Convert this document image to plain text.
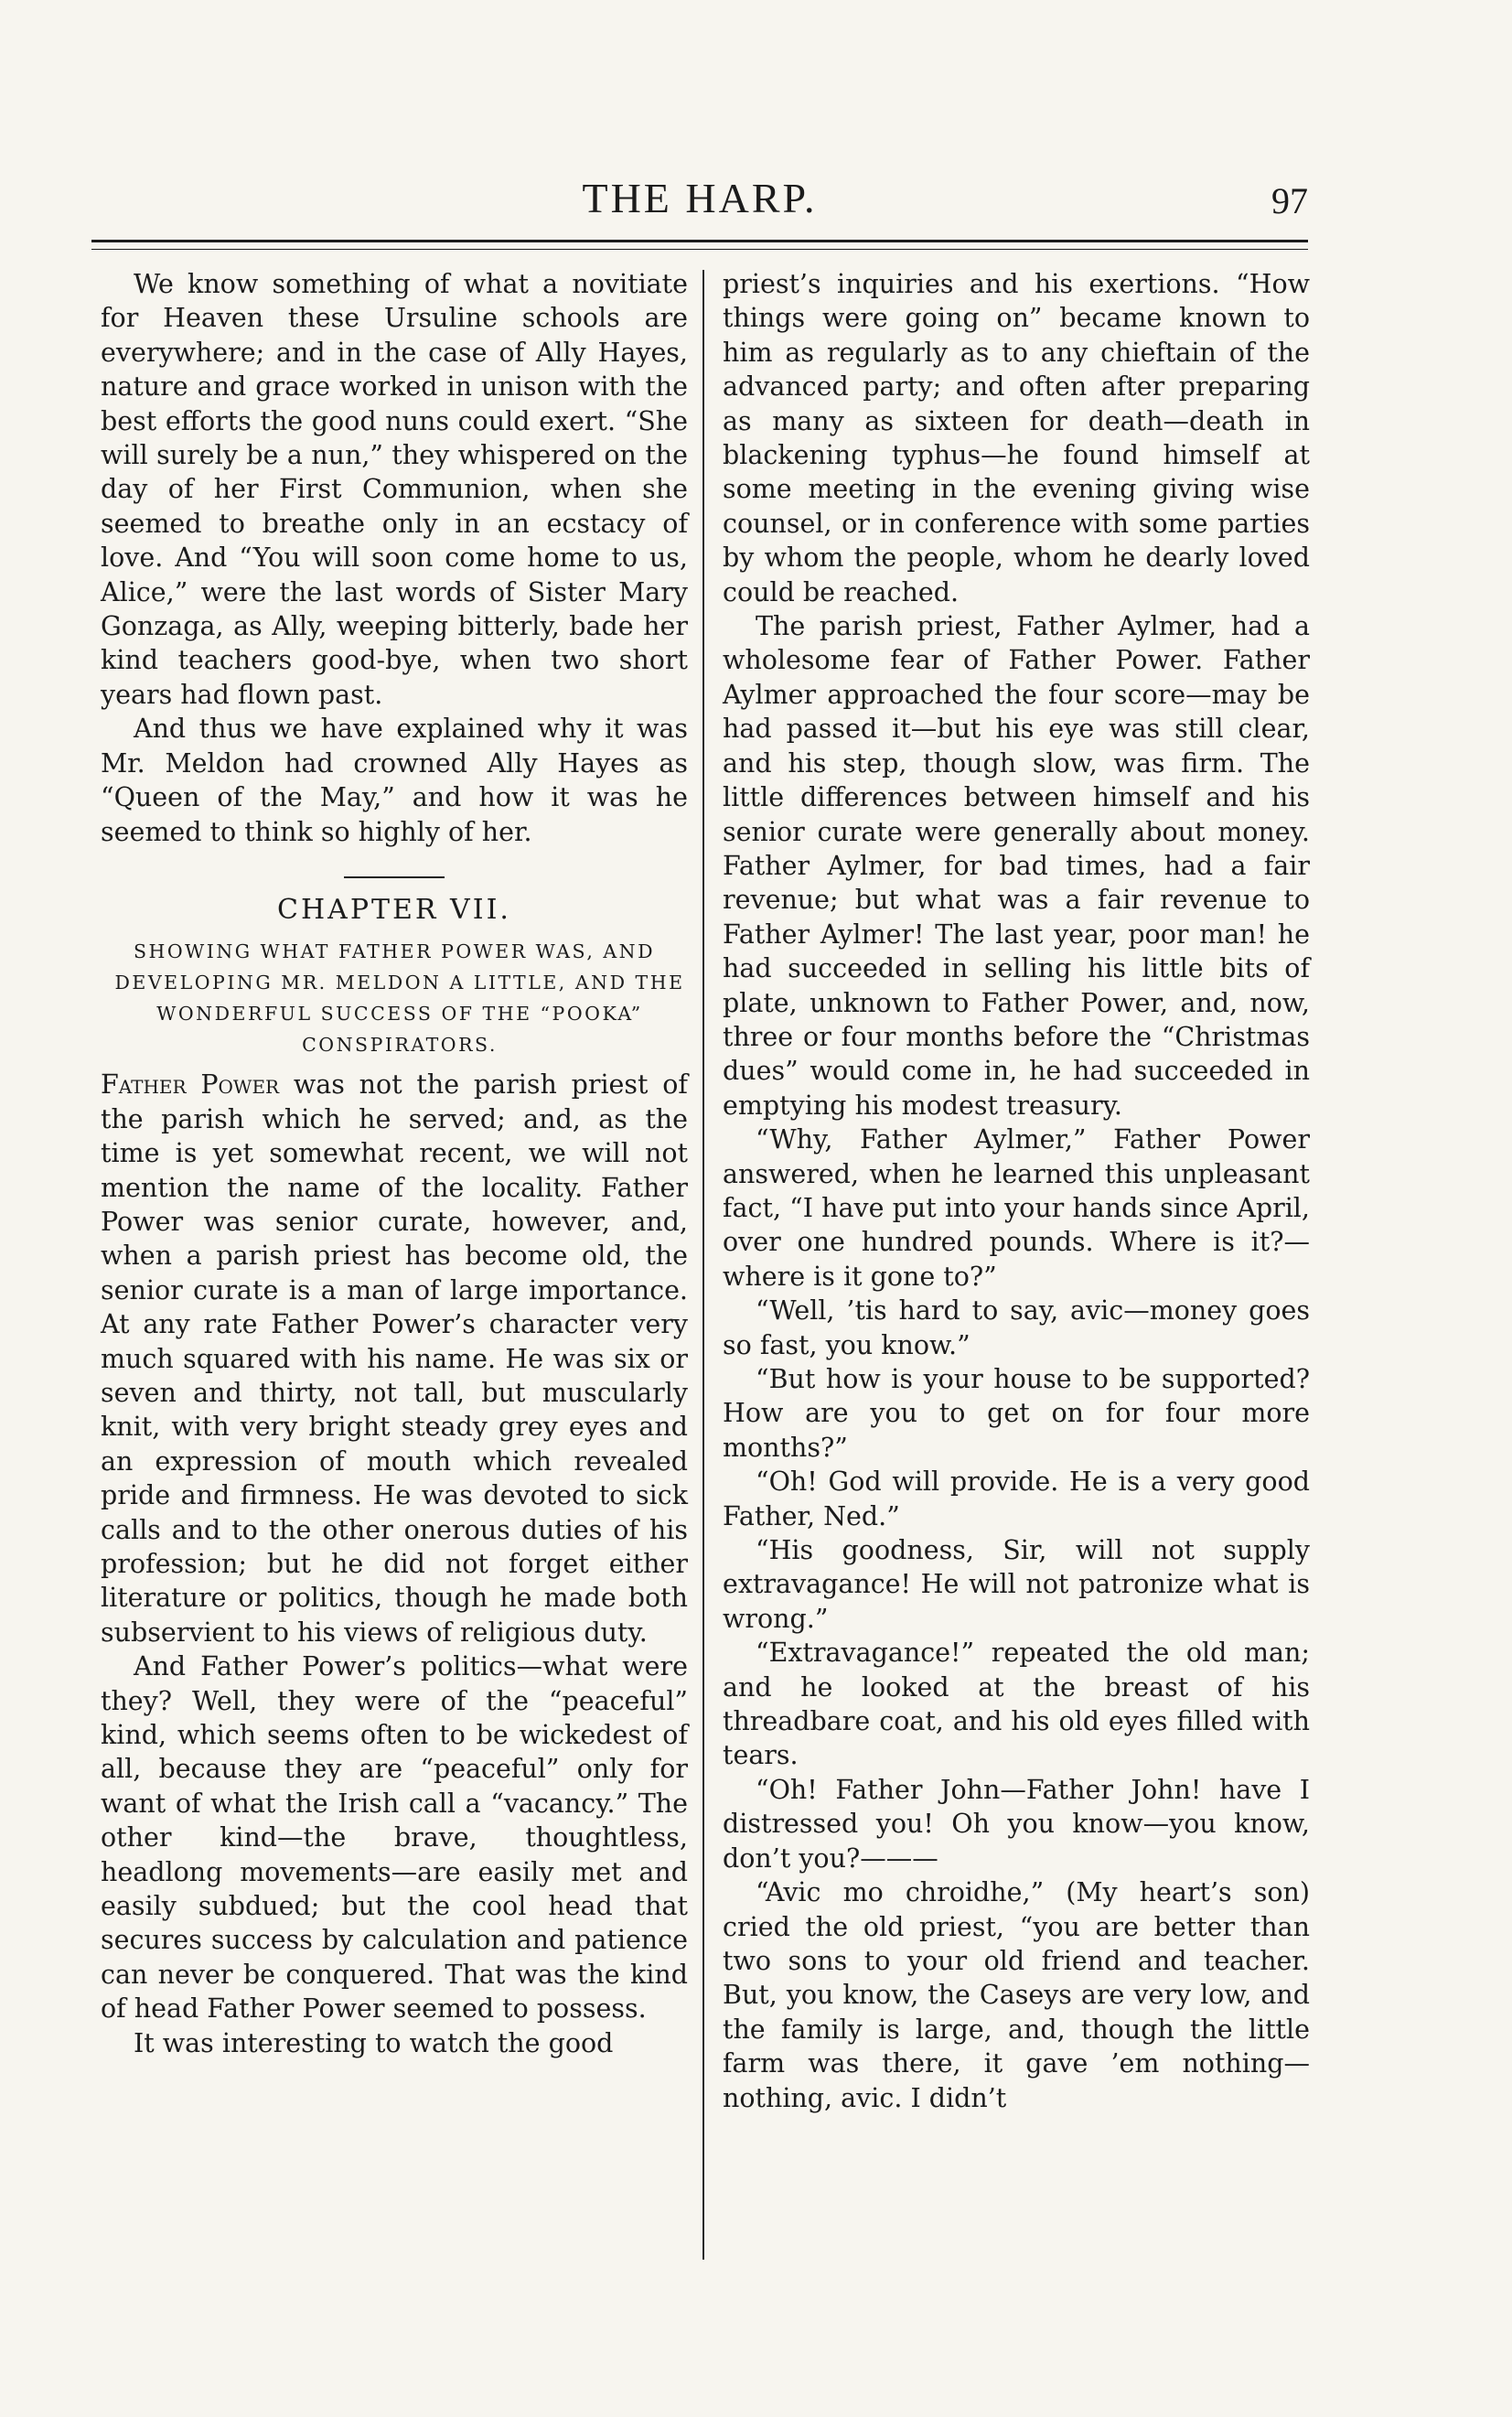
THE HARP.	97

We know something of what a novitiate for Heaven these Ursuline schools are everywhere; and in the case of Ally Hayes, nature and grace worked in unison with the best efforts the good nuns could exert. “She will surely be a nun,” they whispered on the day of her First Communion, when she seemed to breathe only in an ecstacy of love. And “You will soon come home to us, Alice,” were the last words of Sister Mary Gonzaga, as Ally, weeping bitterly, bade her kind teachers good-bye, when two short years had flown past.

And thus we have explained why it was Mr. Meldon had crowned Ally Hayes as “Queen of the May,” and how it was he seemed to think so highly of her.

CHAPTER VII.
SHOWING WHAT FATHER POWER WAS, AND DEVELOPING MR. MELDON A LITTLE, AND THE WONDERFUL SUCCESS OF THE “POOKA” CONSPIRATORS.

Father Power was not the parish priest of the parish which he served; and, as the time is yet somewhat recent, we will not mention the name of the locality. Father Power was senior curate, however, and, when a parish priest has become old, the senior curate is a man of large importance. At any rate Father Power’s character very much squared with his name. He was six or seven and thirty, not tall, but muscularly knit, with very bright steady grey eyes and an expression of mouth which revealed pride and firmness. He was devoted to sick calls and to the other onerous duties of his profession; but he did not forget either literature or politics, though he made both subservient to his views of religious duty.

And Father Power’s politics—what were they? Well, they were of the “peaceful” kind, which seems often to be wickedest of all, because they are “peaceful” only for want of what the Irish call a “vacancy.” The other kind—the brave, thoughtless, headlong movements—are easily met and easily subdued; but the cool head that secures success by calculation and patience can never be conquered. That was the kind of head Father Power seemed to possess.

It was interesting to watch the good

priest’s inquiries and his exertions. “How things were going on” became known to him as regularly as to any chieftain of the advanced party; and often after preparing as many as sixteen for death—death in blackening typhus—he found himself at some meeting in the evening giving wise counsel, or in conference with some parties by whom the people, whom he dearly loved could be reached.

The parish priest, Father Aylmer, had a wholesome fear of Father Power. Father Aylmer approached the four score—may be had passed it—but his eye was still clear, and his step, though slow, was firm. The little differences between himself and his senior curate were generally about money. Father Aylmer, for bad times, had a fair revenue; but what was a fair revenue to Father Aylmer! The last year, poor man! he had succeeded in selling his little bits of plate, unknown to Father Power, and, now, three or four months before the “Christmas dues” would come in, he had succeeded in emptying his modest treasury.

“Why, Father Aylmer,” Father Power answered, when he learned this unpleasant fact, “I have put into your hands since April, over one hundred pounds. Where is it?—where is it gone to?”

“Well, ’tis hard to say, avic—money goes so fast, you know.”

“But how is your house to be supported? How are you to get on for four more months?”

“Oh! God will provide. He is a very good Father, Ned.”

“His goodness, Sir, will not supply extravagance! He will not patronize what is wrong.”

“Extravagance!” repeated the old man; and he looked at the breast of his threadbare coat, and his old eyes filled with tears.

“Oh! Father John—Father John! have I distressed you! Oh you know—you know, don’t you?———

“Avic mo chroidhe,” (My heart’s son) cried the old priest, “you are better than two sons to your old friend and teacher. But, you know, the Caseys are very low, and the family is large, and, though the little farm was there, it gave ’em nothing—nothing, avic. I didn’t
